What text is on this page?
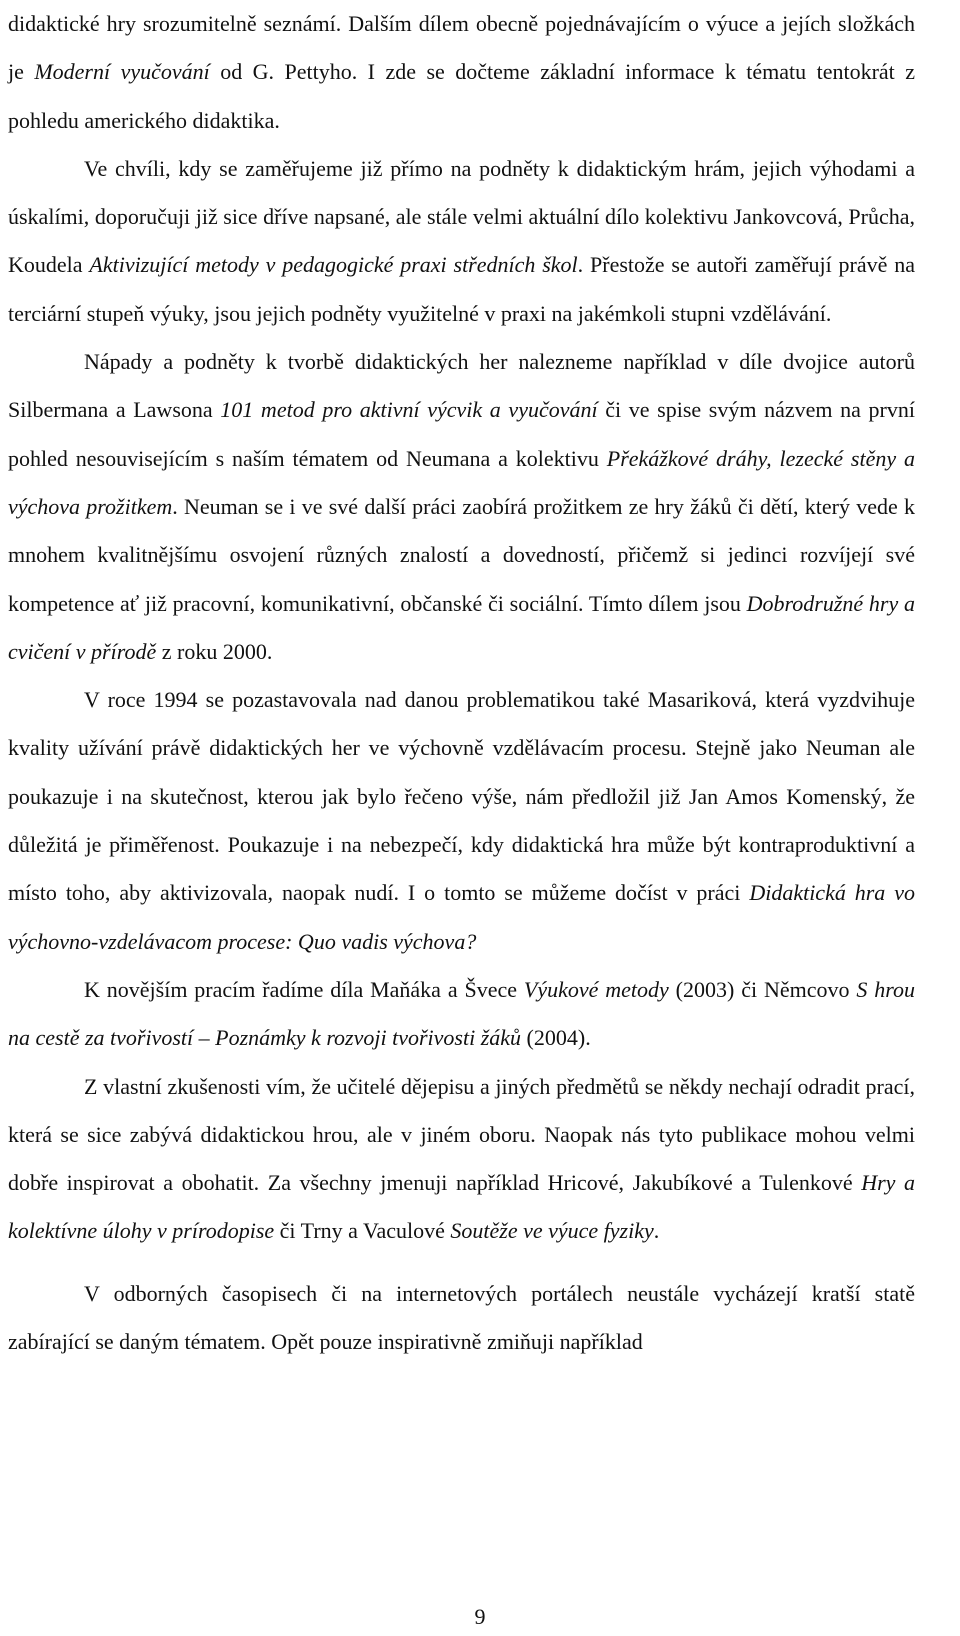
didaktické hry srozumitelně seznámí. Dalším dílem obecně pojednávajícím o výuce a jejích složkách je Moderní vyučování od G. Pettyho. I zde se dočteme základní informace k tématu tentokrát z pohledu amerického didaktika.

Ve chvíli, kdy se zaměřujeme již přímo na podněty k didaktickým hrám, jejich výhodami a úskalími, doporučuji již sice dříve napsané, ale stále velmi aktuální dílo kolektivu Jankovcová, Průcha, Koudela Aktivizující metody v pedagogické praxi středních škol. Přestože se autoři zaměřují právě na terciární stupeň výuky, jsou jejich podněty využitelné v praxi na jakémkoli stupni vzdělávání.

Nápady a podněty k tvorbě didaktických her nalezneme například v díle dvojice autorů Silbermana a Lawsona 101 metod pro aktivní výcvik a vyučování či ve spise svým názvem na první pohled nesouvisejícím s naším tématem od Neumana a kolektivu Překážkové dráhy, lezecké stěny a výchova prožitkem. Neuman se i ve své další práci zaobírá prožitkem ze hry žáků či dětí, který vede k mnohem kvalitnějšímu osvojení různých znalostí a dovedností, přičemž si jedinci rozvíjejí své kompetence ať již pracovní, komunikativní, občanské či sociální. Tímto dílem jsou Dobrodružné hry a cvičení v přírodě z roku 2000.

V roce 1994 se pozastavovala nad danou problematikou také Masariková, která vyzdvihuje kvality užívání právě didaktických her ve výchovně vzdělávacím procesu. Stejně jako Neuman ale poukazuje i na skutečnost, kterou jak bylo řečeno výše, nám předložil již Jan Amos Komenský, že důležitá je přiměřenost. Poukazuje i na nebezpečí, kdy didaktická hra může být kontraproduktivní a místo toho, aby aktivizovala, naopak nudí. I o tomto se můžeme dočíst v práci Didaktická hra vo výchovno-vzdelávacom procese: Quo vadis výchova?

K novějším pracím řadíme díla Maňáka a Švece Výukové metody (2003) či Němcovo S hrou na cestě za tvořivostí – Poznámky k rozvoji tvořivosti žáků (2004).

Z vlastní zkušenosti vím, že učitelé dějepisu a jiných předmětů se někdy nechají odradit prací, která se sice zabývá didaktickou hrou, ale v jiném oboru. Naopak nás tyto publikace mohou velmi dobře inspirovat a obohatit. Za všechny jmenuji například Hricové, Jakubíkové a Tulenkové Hry a kolektívne úlohy v prírodopise či Trny a Vaculové Soutěže ve výuce fyziky.

V odborných časopisech či na internetových portálech neustále vycházejí kratší statě zabírající se daným tématem. Opět pouze inspirativně zmiňuji například

9
